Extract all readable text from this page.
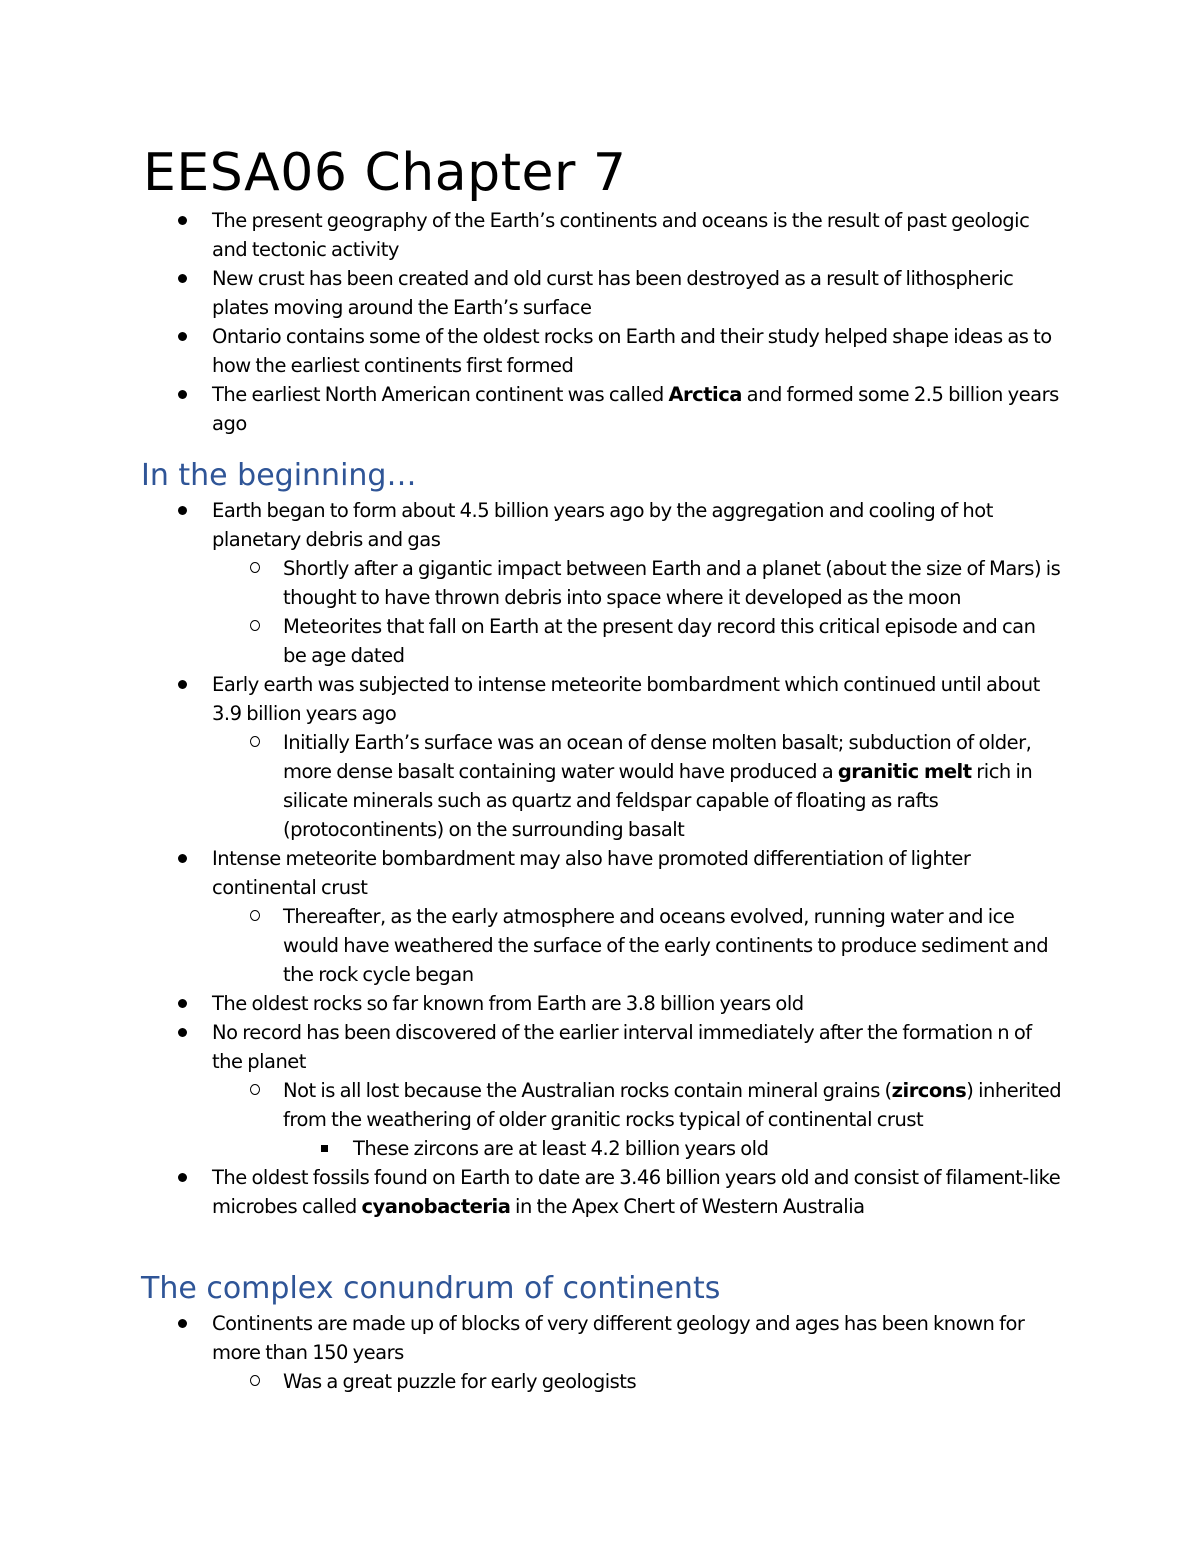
EESA06 Chapter 7
The present geography of the Earth’s continents and oceans is the result of past geologic and tectonic activity
New crust has been created and old curst has been destroyed as a result of lithospheric plates moving around the Earth’s surface
Ontario contains some of the oldest rocks on Earth and their study helped shape ideas as to how the earliest continents first formed
The earliest North American continent was called Arctica and formed some 2.5 billion years ago
In the beginning…
Earth began to form about 4.5 billion years ago by the aggregation and cooling of hot planetary debris and gas
Shortly after a gigantic impact between Earth and a planet (about the size of Mars) is thought to have thrown debris into space where it developed as the moon
Meteorites that fall on Earth at the present day record this critical episode and can be age dated
Early earth was subjected to intense meteorite bombardment which continued until about 3.9 billion years ago
Initially Earth’s surface was an ocean of dense molten basalt; subduction of older, more dense basalt containing water would have produced a granitic melt rich in silicate minerals such as quartz and feldspar capable of floating as rafts (protocontinents) on the surrounding basalt
Intense meteorite bombardment may also have promoted differentiation of lighter continental crust
Thereafter, as the early atmosphere and oceans evolved, running water and ice would have weathered the surface of the early continents to produce sediment and the rock cycle began
The oldest rocks so far known from Earth are 3.8 billion years old
No record has been discovered of the earlier interval immediately after the formation n of the planet
Not is all lost because the Australian rocks contain mineral grains (zircons) inherited from the weathering of older granitic rocks typical of continental crust
These zircons are at least 4.2 billion years old
The oldest fossils found on Earth to date are 3.46 billion years old and consist of filament-like microbes called cyanobacteria in the Apex Chert of Western Australia
The complex conundrum of continents
Continents are made up of blocks of very different geology and ages has been known for more than 150 years
Was a great puzzle for early geologists
